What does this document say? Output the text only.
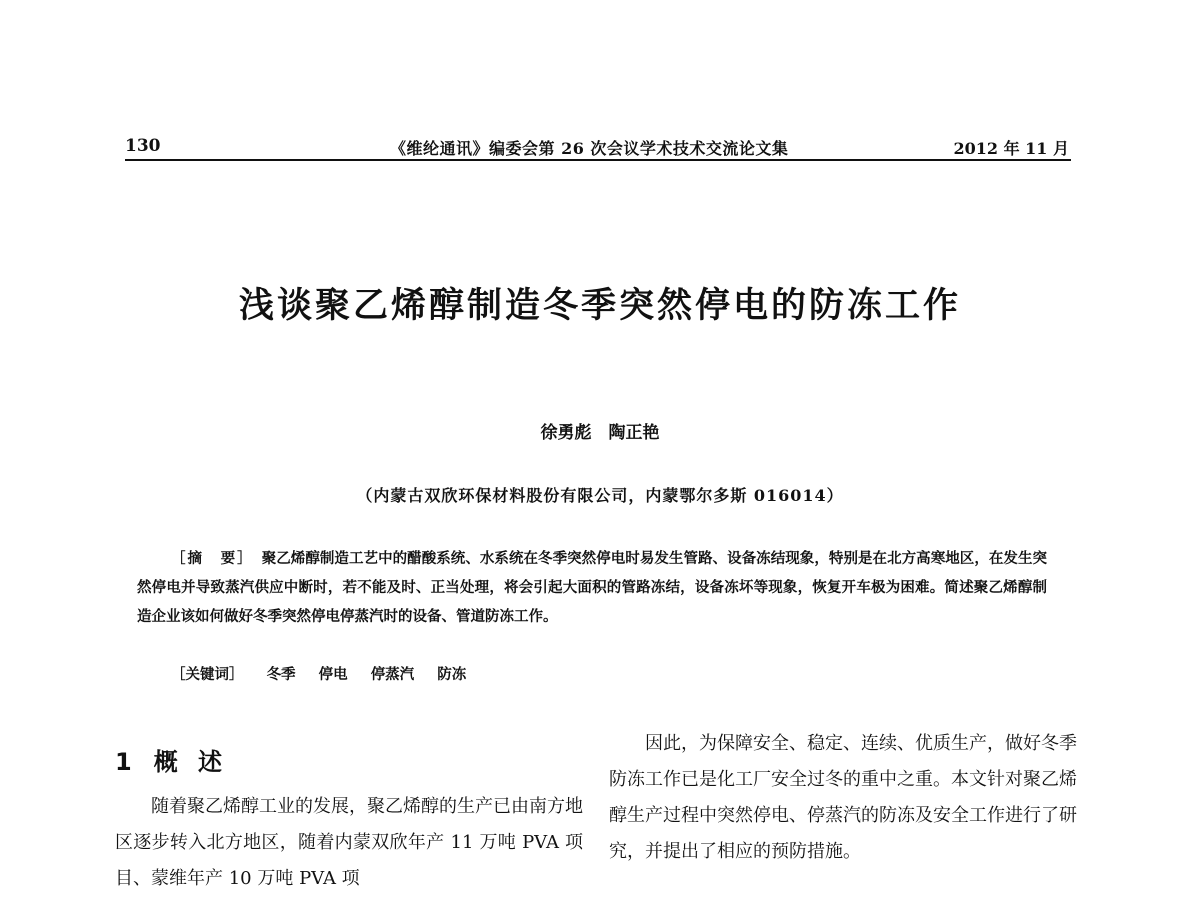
130	《维纶通讯》编委会第 26 次会议学术技术交流论文集	2012 年 11 月
浅谈聚乙烯醇制造冬季突然停电的防冻工作
徐勇彪　陶正艳
（内蒙古双欣环保材料股份有限公司，内蒙鄂尔多斯 016014）
［摘　要］ 聚乙烯醇制造工艺中的醋酸系统、水系统在冬季突然停电时易发生管路、设备冻结现象，特别是在北方高寒地区，在发生突然停电并导致蒸汽供应中断时，若不能及时、正当处理，将会引起大面积的管路冻结，设备冻坏等现象，恢复开车极为困难。简述聚乙烯醇制造企业该如何做好冬季突然停电停蒸汽时的设备、管道防冻工作。
［关键词］ 冬季 停电 停蒸汽 防冻
1 概 述

随着聚乙烯醇工业的发展，聚乙烯醇的生产已由南方地区逐步转入北方地区，随着内蒙双欣年产 11 万吨 PVA 项目、蒙维年产 10 万吨 PVA 项

因此，为保障安全、稳定、连续、优质生产，做好冬季防冻工作已是化工厂安全过冬的重中之重。本文针对聚乙烯醇生产过程中突然停电、停蒸汽的防冻及安全工作进行了研究，并提出了相应的预防措施。
